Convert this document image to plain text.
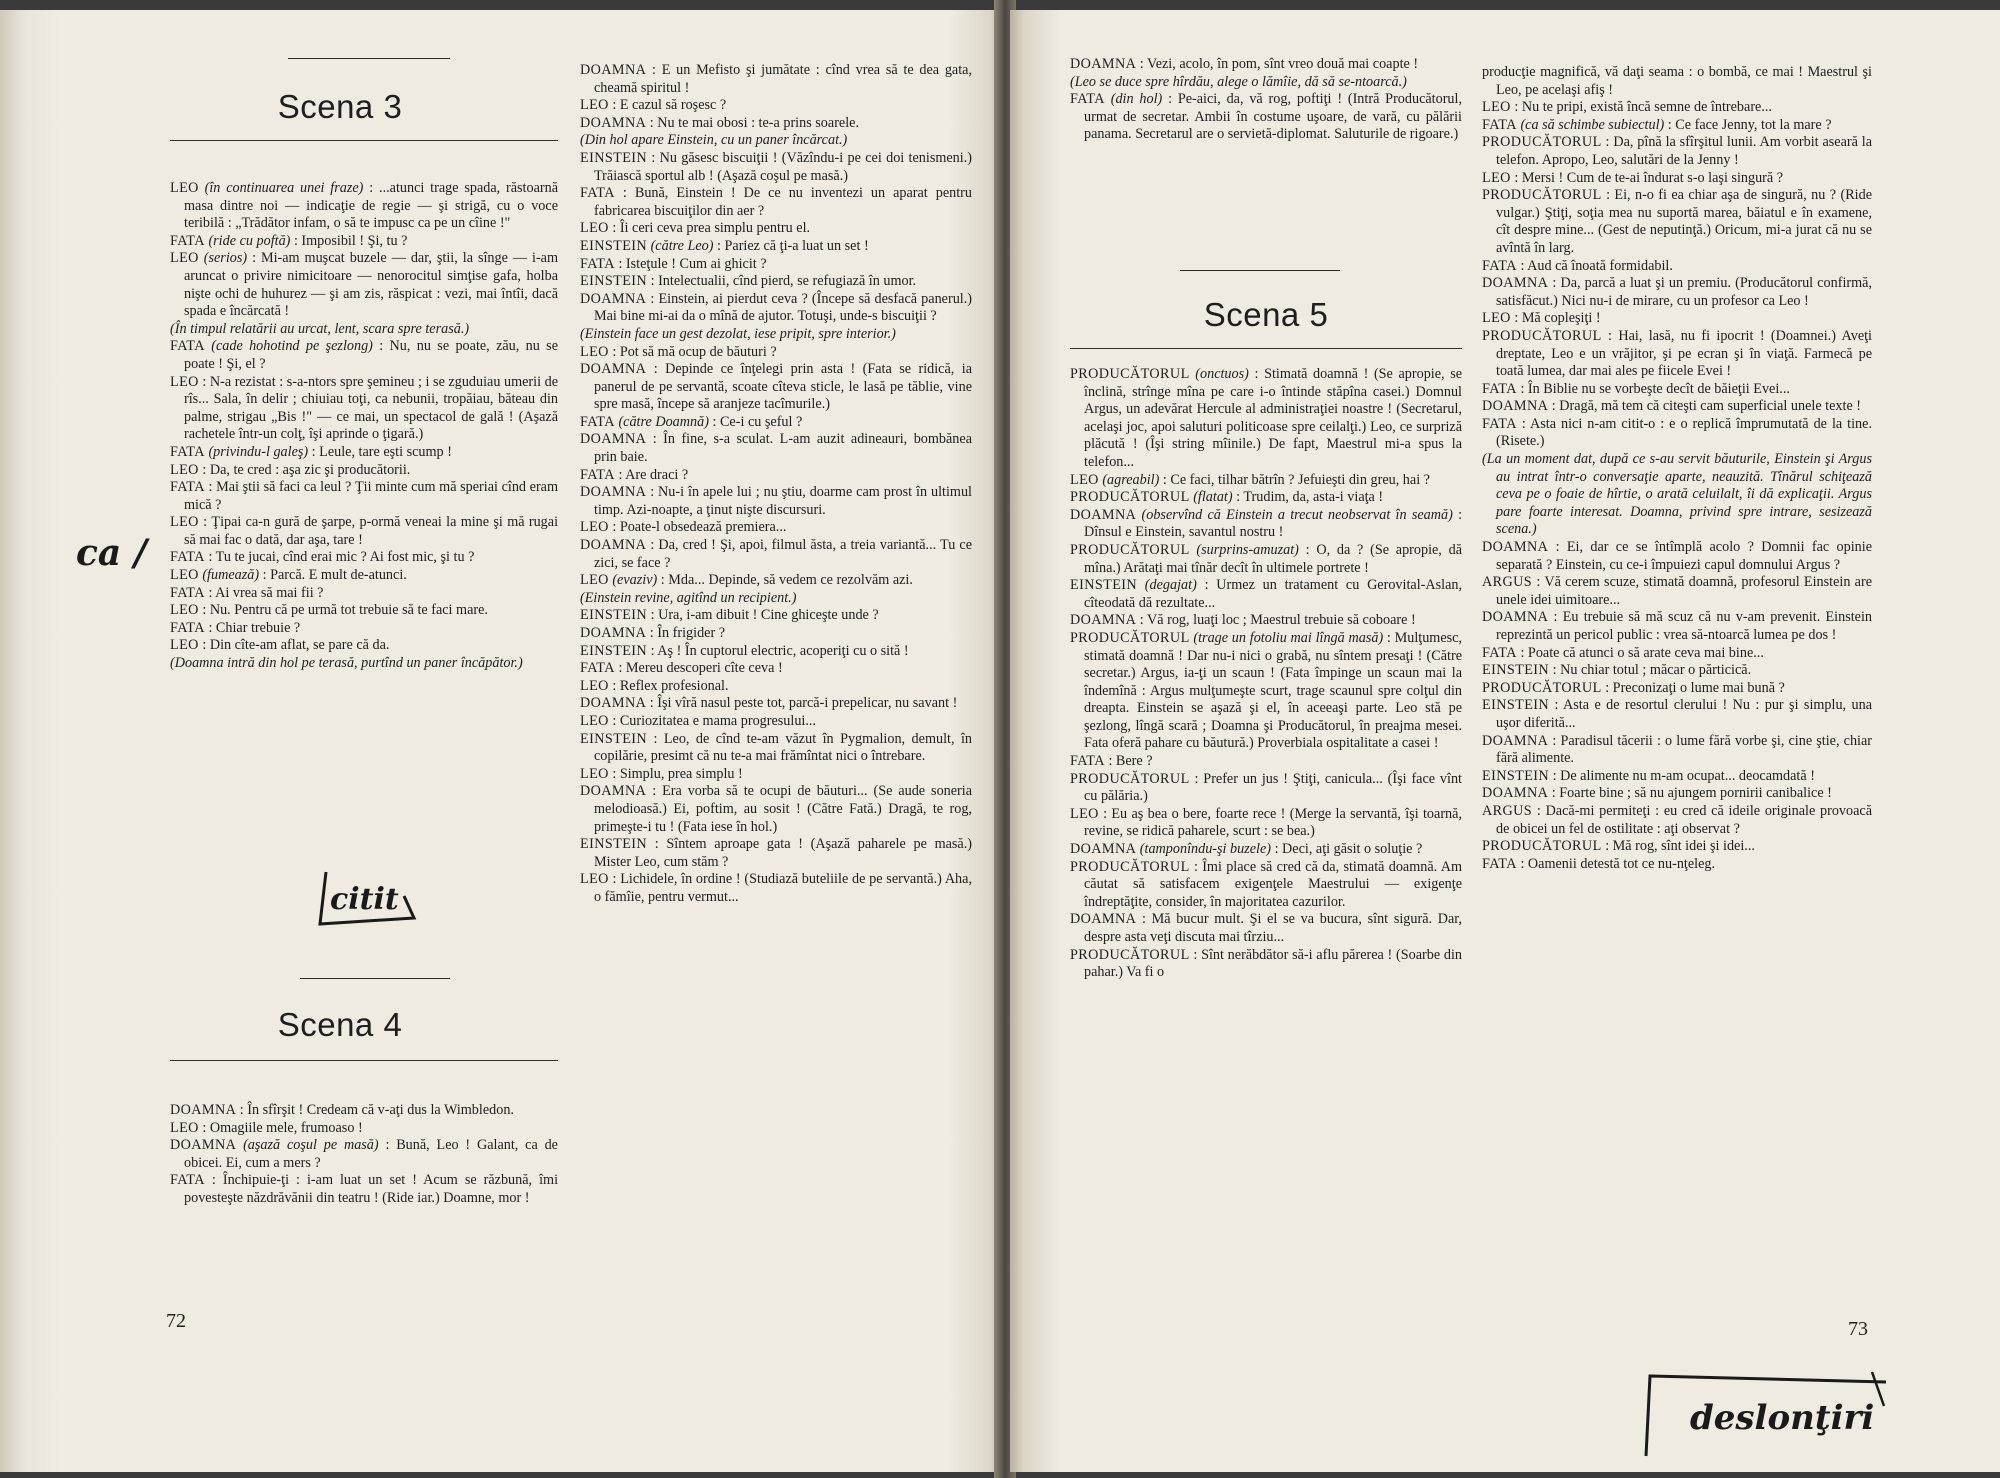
Scena 3

LEO (în continuarea unei fraze) : ...atunci trage spada, răstoarnă masa dintre noi — indicaţie de regie — şi strigă, cu o voce teribilă : „Trădător infam, o să te impusc ca pe un cîine !"

FATA (ride cu poftă) : Imposibil ! Şi, tu ?

LEO (serios) : Mi-am muşcat buzele — dar, ştii, la sînge — i-am aruncat o privire nimicitoare — nenorocitul simţise gafa, holba nişte ochi de huhurez — şi am zis, răspicat : vezi, mai întîi, dacă spada e încărcată !

(În timpul relatării au urcat, lent, scara spre terasă.)

FATA (cade hohotind pe şezlong) : Nu, nu se poate, zău, nu se poate ! Şi, el ?

LEO : N-a rezistat : s-a-ntors spre şemineu ; i se zguduiau umerii de rîs... Sala, în delir ; chiuiau toţi, ca nebunii, tropăiau, băteau din palme, strigau „Bis !" — ce mai, un spectacol de gală ! (Aşază rachetele într-un colţ, îşi aprinde o ţigară.)

FATA (privindu-l galeş) : Leule, tare eşti scump !

LEO : Da, te cred : aşa zic şi producătorii.

FATA : Mai ştii să faci ca leul ? Ţii minte cum mă speriai cînd eram mică ?

LEO : Ţipai ca-n gură de şarpe, p-ormă veneai la mine şi mă rugai să mai fac o dată, dar aşa, tare !

FATA : Tu te jucai, cînd erai mic ? Ai fost mic, şi tu ?

LEO (fumează) : Parcă. E mult de-atunci.

FATA : Ai vrea să mai fii ?

LEO : Nu. Pentru că pe urmă tot trebuie să te faci mare.

FATA : Chiar trebuie ?

LEO : Din cîte-am aflat, se pare că da.

(Doamna intră din hol pe terasă, purtînd un paner încăpător.)

Scena 4

DOAMNA : În sfîrşit ! Credeam că v-aţi dus la Wimbledon.

LEO : Omagiile mele, frumoaso !

DOAMNA (aşază coşul pe masă) : Bună, Leo ! Galant, ca de obicei. Ei, cum a mers ?

FATA : Închipuie-ţi : i-am luat un set ! Acum se răzbună, îmi povesteşte năzdrăvănii din teatru ! (Ride iar.) Doamne, mor !

DOAMNA : E un Mefisto şi jumătate : cînd vrea să te dea gata, cheamă spiritul !

LEO : E cazul să roşesc ?

DOAMNA : Nu te mai obosi : te-a prins soarele.

(Din hol apare Einstein, cu un paner încărcat.)

EINSTEIN : Nu găsesc biscuiţii ! (Văzîndu-i pe cei doi tenismeni.) Trăiască sportul alb ! (Aşază coşul pe masă.)

FATA : Bună, Einstein ! De ce nu inventezi un aparat pentru fabricarea biscuiţilor din aer ?

LEO : Îi ceri ceva prea simplu pentru el.

EINSTEIN (către Leo) : Pariez că ţi-a luat un set !

FATA : Isteţule ! Cum ai ghicit ?

EINSTEIN : Intelectualii, cînd pierd, se refugiază în umor.

DOAMNA : Einstein, ai pierdut ceva ? (Începe să desfacă panerul.) Mai bine mi-ai da o mînă de ajutor. Totuşi, unde-s biscuiţii ?

(Einstein face un gest dezolat, iese pripit, spre interior.)

LEO : Pot să mă ocup de băuturi ?

DOAMNA : Depinde ce înţelegi prin asta ! (Fata se ridică, ia panerul de pe servantă, scoate cîteva sticle, le lasă pe tăblie, vine spre masă, începe să aranjeze tacîmurile.)

FATA (către Doamnă) : Ce-i cu şeful ?

DOAMNA : În fine, s-a sculat. L-am auzit adineauri, bombănea prin baie.

FATA : Are draci ?

DOAMNA : Nu-i în apele lui ; nu ştiu, doarme cam prost în ultimul timp. Azi-noapte, a ţinut nişte discursuri.

LEO : Poate-l obsedează premiera...

DOAMNA : Da, cred ! Şi, apoi, filmul ăsta, a treia variantă... Tu ce zici, se face ?

LEO (evaziv) : Mda... Depinde, să vedem ce rezolvăm azi.

(Einstein revine, agitînd un recipient.)

EINSTEIN : Ura, i-am dibuit ! Cine ghiceşte unde ?

DOAMNA : În frigider ?

EINSTEIN : Aş ! În cuptorul electric, acoperiţi cu o sită !

FATA : Mereu descoperi cîte ceva !

LEO : Reflex profesional.

DOAMNA : Îşi vîră nasul peste tot, parcă-i prepelicar, nu savant !

LEO : Curiozitatea e mama progresului...

EINSTEIN : Leo, de cînd te-am văzut în Pygmalion, demult, în copilărie, presimt că nu te-a mai frămîntat nici o întrebare.

LEO : Simplu, prea simplu !

DOAMNA : Era vorba să te ocupi de băuturi... (Se aude soneria melodioasă.) Ei, poftim, au sosit ! (Către Fată.) Dragă, te rog, primeşte-i tu ! (Fata iese în hol.)

EINSTEIN : Sîntem aproape gata ! (Aşază paharele pe masă.) Mister Leo, cum stăm ?

LEO : Lichidele, în ordine ! (Studiază buteliile de pe servantă.) Aha, o fămîie, pentru vermut...

72
ca /
citit

DOAMNA : Vezi, acolo, în pom, sînt vreo două mai coapte !

(Leo se duce spre hîrdău, alege o lămîie, dă să se-ntoarcă.)

FATA (din hol) : Pe-aici, da, vă rog, poftiţi ! (Intră Producătorul, urmat de secretar. Ambii în costume uşoare, de vară, cu pălării panama. Secretarul are o servietă-diplomat. Saluturile de rigoare.)

Scena 5

PRODUCĂTORUL (onctuos) : Stimată doamnă ! (Se apropie, se înclină, strînge mîna pe care i-o întinde stăpîna casei.) Domnul Argus, un adevărat Hercule al administraţiei noastre ! (Secretarul, acelaşi joc, apoi saluturi politicoase spre ceilalţi.) Leo, ce surpriză plăcută ! (Îşi string mîinile.) De fapt, Maestrul mi-a spus la telefon...

LEO (agreabil) : Ce faci, tilhar bătrîn ? Jefuieşti din greu, hai ?

PRODUCĂTORUL (flatat) : Trudim, da, asta-i viaţa !

DOAMNA (observînd că Einstein a trecut neobservat în seamă) : Dînsul e Einstein, savantul nostru !

PRODUCĂTORUL (surprins-amuzat) : O, da ? (Se apropie, dă mîna.) Arătaţi mai tînăr decît în ultimele portrete !

EINSTEIN (degajat) : Urmez un tratament cu Gerovital-Aslan, cîteodată dă rezultate...

DOAMNA : Vă rog, luaţi loc ; Maestrul trebuie să coboare !

PRODUCĂTORUL (trage un fotoliu mai lîngă masă) : Mulţumesc, stimată doamnă ! Dar nu-i nici o grabă, nu sîntem presaţi ! (Către secretar.) Argus, ia-ţi un scaun ! (Fata împinge un scaun mai la îndemînă : Argus mulţumeşte scurt, trage scaunul spre colţul din dreapta. Einstein se aşază şi el, în aceeaşi parte. Leo stă pe şezlong, lîngă scară ; Doamna şi Producătorul, în preajma mesei. Fata oferă pahare cu băutură.) Proverbiala ospitalitate a casei !

FATA : Bere ?

PRODUCĂTORUL : Prefer un jus ! Ştiţi, canicula... (Îşi face vînt cu pălăria.)

LEO : Eu aş bea o bere, foarte rece ! (Merge la servantă, îşi toarnă, revine, se ridică paharele, scurt : se bea.)

DOAMNA (tamponîndu-şi buzele) : Deci, aţi găsit o soluţie ?

PRODUCĂTORUL : Îmi place să cred că da, stimată doamnă. Am căutat să satisfacem exigenţele Maestrului — exigenţe îndreptăţite, consider, în majoritatea cazurilor.

DOAMNA : Mă bucur mult. Şi el se va bucura, sînt sigură. Dar, despre asta veţi discuta mai tîrziu...

PRODUCĂTORUL : Sînt nerăbdător să-i aflu părerea ! (Soarbe din pahar.) Va fi o

producţie magnifică, vă daţi seama : o bombă, ce mai ! Maestrul şi Leo, pe acelaşi afiş !

LEO : Nu te pripi, există încă semne de întrebare...

FATA (ca să schimbe subiectul) : Ce face Jenny, tot la mare ?

PRODUCĂTORUL : Da, pînă la sfîrşitul lunii. Am vorbit aseară la telefon. Apropo, Leo, salutări de la Jenny !

LEO : Mersi ! Cum de te-ai îndurat s-o laşi singură ?

PRODUCĂTORUL : Ei, n-o fi ea chiar aşa de singură, nu ? (Ride vulgar.) Ştiţi, soţia mea nu suportă marea, băiatul e în examene, cît despre mine... (Gest de neputinţă.) Oricum, mi-a jurat că nu se avîntă în larg.

FATA : Aud că înoată formidabil.

DOAMNA : Da, parcă a luat şi un premiu. (Producătorul confirmă, satisfăcut.) Nici nu-i de mirare, cu un profesor ca Leo !

LEO : Mă copleşiţi !

PRODUCĂTORUL : Hai, lasă, nu fi ipocrit ! (Doamnei.) Aveţi dreptate, Leo e un vrăjitor, şi pe ecran şi în viaţă. Farmecă pe toată lumea, dar mai ales pe fiicele Evei !

FATA : În Biblie nu se vorbeşte decît de băieţii Evei...

DOAMNA : Dragă, mă tem că citeşti cam superficial unele texte !

FATA : Asta nici n-am citit-o : e o replică împrumutată de la tine. (Risete.)

(La un moment dat, după ce s-au servit băuturile, Einstein şi Argus au intrat într-o conversaţie aparte, neauzită. Tînărul schiţează ceva pe o foaie de hîrtie, o arată celuilalt, îi dă explicaţii. Argus pare foarte interesat. Doamna, privind spre intrare, sesizează scena.)

DOAMNA : Ei, dar ce se întîmplă acolo ? Domnii fac opinie separată ? Einstein, cu ce-i împuiezi capul domnului Argus ?

ARGUS : Vă cerem scuze, stimată doamnă, profesorul Einstein are unele idei uimitoare...

DOAMNA : Eu trebuie să mă scuz că nu v-am prevenit. Einstein reprezintă un pericol public : vrea să-ntoarcă lumea pe dos !

FATA : Poate că atunci o să arate ceva mai bine...

EINSTEIN : Nu chiar totul ; măcar o părticică.

PRODUCĂTORUL : Preconizaţi o lume mai bună ?

EINSTEIN : Asta e de resortul clerului ! Nu : pur şi simplu, una uşor diferită...

DOAMNA : Paradisul tăcerii : o lume fără vorbe şi, cine ştie, chiar fără alimente.

EINSTEIN : De alimente nu m-am ocupat... deocamdată !

DOAMNA : Foarte bine ; să nu ajungem pornirii canibalice !

ARGUS : Dacă-mi permiteţi : eu cred că ideile originale provoacă de obicei un fel de ostilitate : aţi observat ?

PRODUCĂTORUL : Mă rog, sînt idei şi idei...

FATA : Oamenii detestă tot ce nu-nţeleg.

73
deslonţiri
